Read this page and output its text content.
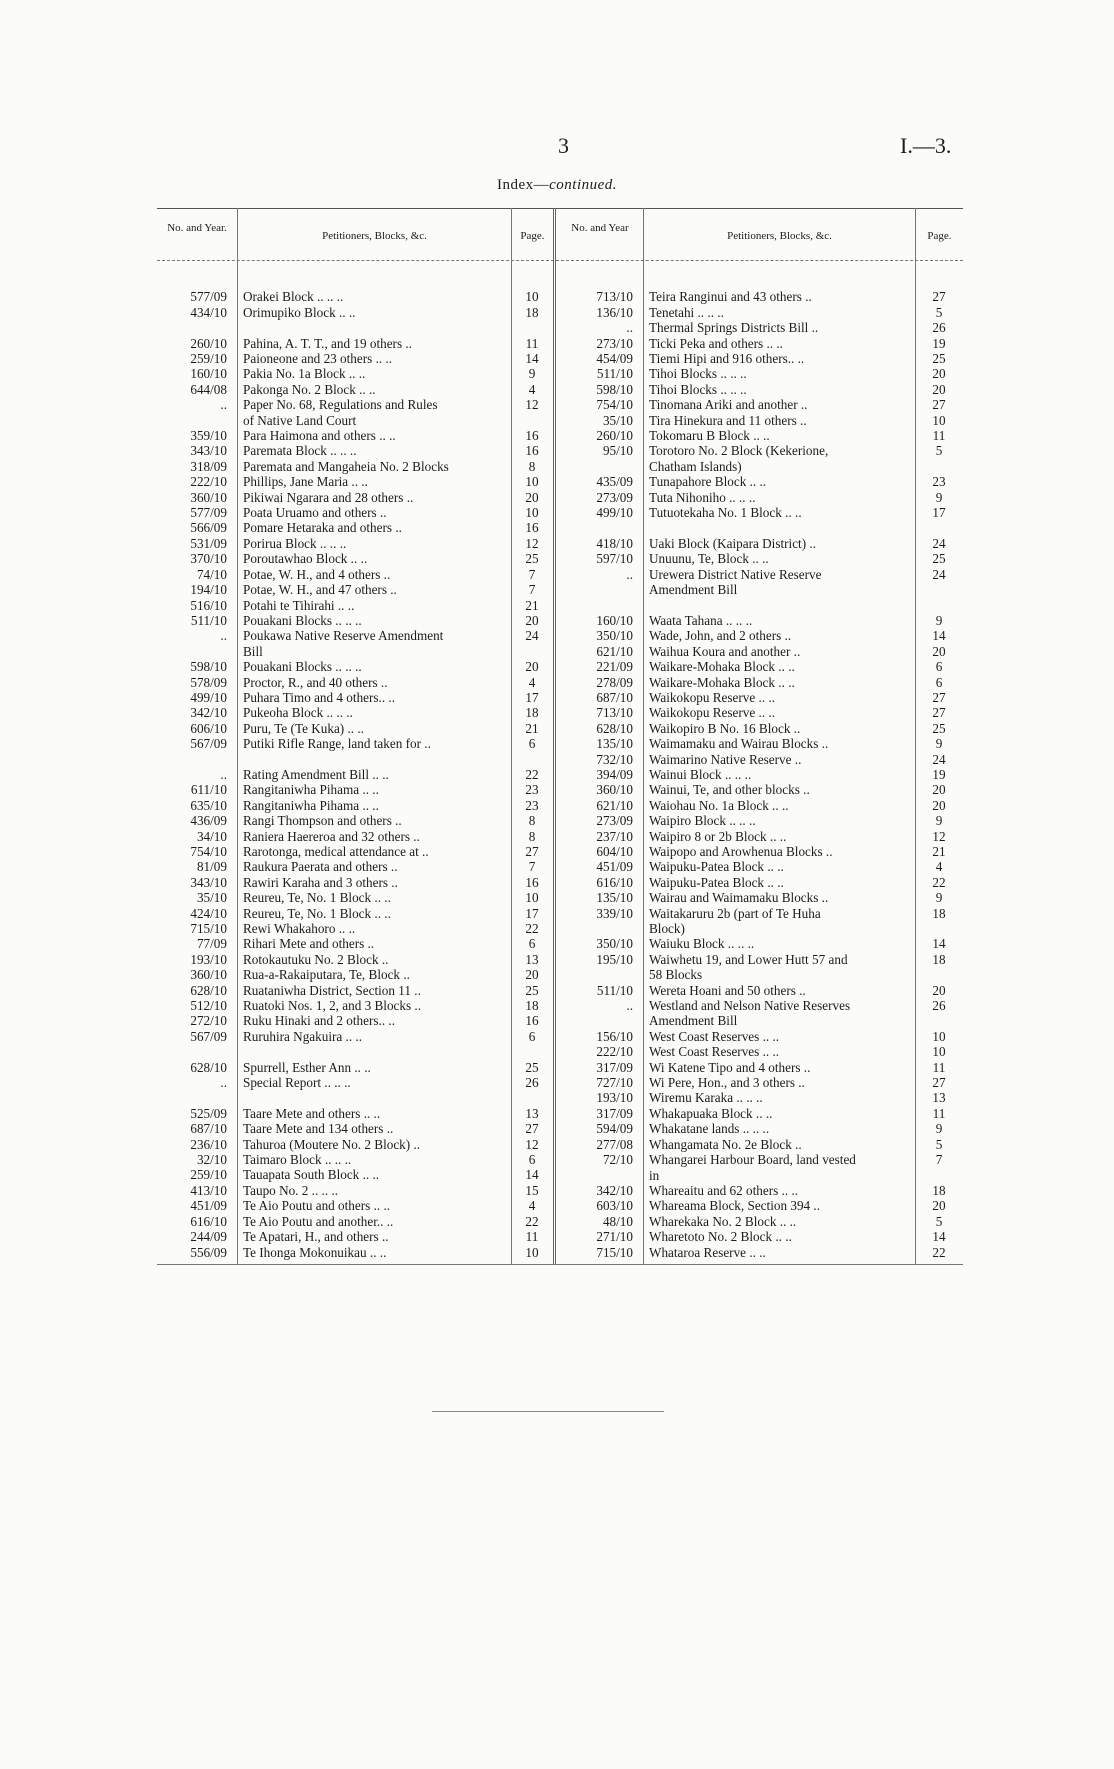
3	I.—3.
Index—continued.
No. and Year.
Petitioners, Blocks, &c.	Page.
No. and Year
Petitioners, Blocks, &c.	Page.

577/09	Orakei Block .. .. ..	10
434/10	Orimupiko Block .. ..	18

260/10	Pahina, A. T. T., and 19 others ..	11
259/10	Paioneone and 23 others .. ..	14
160/10	Pakia No. 1a Block .. ..	9
644/08	Pakonga No. 2 Block .. ..	4
..	Paper No. 68, Regulations and Rules	12
	of Native Land Court	
359/10	Para Haimona and others .. ..	16
343/10	Paremata Block .. .. ..	16
318/09	Paremata and Mangaheia No. 2 Blocks	8
222/10	Phillips, Jane Maria .. ..	10
360/10	Pikiwai Ngarara and 28 others ..	20
577/09	Poata Uruamo and others ..	10
566/09	Pomare Hetaraka and others ..	16
531/09	Porirua Block .. .. ..	12
370/10	Poroutawhao Block .. ..	25
74/10	Potae, W. H., and 4 others ..	7
194/10	Potae, W. H., and 47 others ..	7
516/10	Potahi te Tihirahi .. ..	21
511/10	Pouakani Blocks .. .. ..	20
..	Poukawa Native Reserve Amendment	24
	Bill	
598/10	Pouakani Blocks .. .. ..	20
578/09	Proctor, R., and 40 others ..	4
499/10	Puhara Timo and 4 others.. ..	17
342/10	Pukeoha Block .. .. ..	18
606/10	Puru, Te (Te Kuka) .. ..	21
567/09	Putiki Rifle Range, land taken for ..	6

..	Rating Amendment Bill .. ..	22
611/10	Rangitaniwha Pihama .. ..	23
635/10	Rangitaniwha Pihama .. ..	23
436/09	Rangi Thompson and others ..	8
34/10	Raniera Haereroa and 32 others ..	8
754/10	Rarotonga, medical attendance at ..	27
81/09	Raukura Paerata and others ..	7
343/10	Rawiri Karaha and 3 others ..	16
35/10	Reureu, Te, No. 1 Block .. ..	10
424/10	Reureu, Te, No. 1 Block .. ..	17
715/10	Rewi Whakahoro .. ..	22
77/09	Rihari Mete and others ..	6
193/10	Rotokautuku No. 2 Block ..	13
360/10	Rua-a-Rakaiputara, Te, Block ..	20
628/10	Ruataniwha District, Section 11 ..	25
512/10	Ruatoki Nos. 1, 2, and 3 Blocks ..	18
272/10	Ruku Hinaki and 2 others.. ..	16
567/09	Ruruhira Ngakuira .. ..	6

628/10	Spurrell, Esther Ann .. ..	25
..	Special Report .. .. ..	26

525/09	Taare Mete and others .. ..	13
687/10	Taare Mete and 134 others ..	27
236/10	Tahuroa (Moutere No. 2 Block) ..	12
32/10	Taimaro Block .. .. ..	6
259/10	Tauapata South Block .. ..	14
413/10	Taupo No. 2 .. .. ..	15
451/09	Te Aio Poutu and others .. ..	4
616/10	Te Aio Poutu and another.. ..	22
244/09	Te Apatari, H., and others ..	11
556/09	Te Ihonga Mokonuikau .. ..	10

713/10	Teira Ranginui and 43 others ..	27
136/10	Tenetahi .. .. ..	5
..	Thermal Springs Districts Bill ..	26
273/10	Ticki Peka and others .. ..	19
454/09	Tiemi Hipi and 916 others.. ..	25
511/10	Tihoi Blocks .. .. ..	20
598/10	Tihoi Blocks .. .. ..	20
754/10	Tinomana Ariki and another ..	27
35/10	Tira Hinekura and 11 others ..	10
260/10	Tokomaru B Block .. ..	11
95/10	Torotoro No. 2 Block (Kekerione,	5
	Chatham Islands)	
435/09	Tunapahore Block .. ..	23
273/09	Tuta Nihoniho .. .. ..	9
499/10	Tutuotekaha No. 1 Block .. ..	17

418/10	Uaki Block (Kaipara District) ..	24
597/10	Unuunu, Te, Block .. ..	25
..	Urewera District Native Reserve	24
	Amendment Bill	

160/10	Waata Tahana .. .. ..	9
350/10	Wade, John, and 2 others ..	14
621/10	Waihua Koura and another ..	20
221/09	Waikare-Mohaka Block .. ..	6
278/09	Waikare-Mohaka Block .. ..	6
687/10	Waikokopu Reserve .. ..	27
713/10	Waikokopu Reserve .. ..	27
628/10	Waikopiro B No. 16 Block ..	25
135/10	Waimamaku and Wairau Blocks ..	9
732/10	Waimarino Native Reserve ..	24
394/09	Wainui Block .. .. ..	19
360/10	Wainui, Te, and other blocks ..	20
621/10	Waiohau No. 1a Block .. ..	20
273/09	Waipiro Block .. .. ..	9
237/10	Waipiro 8 or 2b Block .. ..	12
604/10	Waipopo and Arowhenua Blocks ..	21
451/09	Waipuku-Patea Block .. ..	4
616/10	Waipuku-Patea Block .. ..	22
135/10	Wairau and Waimamaku Blocks ..	9
339/10	Waitakaruru 2b (part of Te Huha	18
	Block)	
350/10	Waiuku Block .. .. ..	14
195/10	Waiwhetu 19, and Lower Hutt 57 and	18
	58 Blocks	
511/10	Wereta Hoani and 50 others ..	20
..	Westland and Nelson Native Reserves	26
	Amendment Bill	
156/10	West Coast Reserves .. ..	10
222/10	West Coast Reserves .. ..	10
317/09	Wi Katene Tipo and 4 others ..	11
727/10	Wi Pere, Hon., and 3 others ..	27
193/10	Wiremu Karaka .. .. ..	13
317/09	Whakapuaka Block .. ..	11
594/09	Whakatane lands .. .. ..	9
277/08	Whangamata No. 2e Block ..	5
72/10	Whangarei Harbour Board, land vested	7
	in	
342/10	Whareaitu and 62 others .. ..	18
603/10	Whareama Block, Section 394 ..	20
48/10	Wharekaka No. 2 Block .. ..	5
271/10	Wharetoto No. 2 Block .. ..	14
715/10	Whataroa Reserve .. ..	22
